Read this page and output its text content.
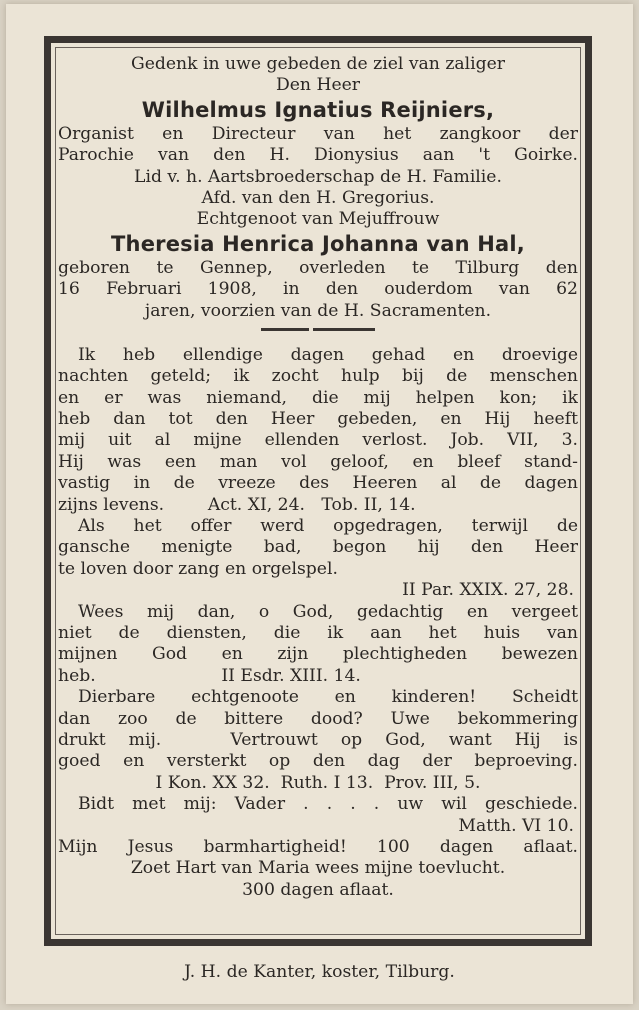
Gedenk in uwe gebeden de ziel van zaliger
Den Heer
Wilhelmus Ignatius Reijniers,
Organist en Directeur van het zangkoor der
Parochie van den H. Dionysius aan 't Goirke.
Lid v. h. Aartsbroederschap de H. Familie.
Afd. van den H. Gregorius.
Echtgenoot van Mejuffrouw
Theresia Henrica Johanna van Hal,
geboren te Gennep, overleden te Tilburg den
16 Februari 1908, in den ouderdom van 62
jaren, voorzien van de H. Sacramenten.
Ik heb ellendige dagen gehad en droevige
nachten geteld; ik zocht hulp bij de menschen
en er was niemand, die mij helpen kon; ik
heb dan tot den Heer gebeden, en Hij heeft
mij uit al mijne ellenden verlost. Job. VII, 3.
Hij was een man vol geloof, en bleef stand-
vastig in de vreeze des Heeren al de dagen
zijns levens.        Act. XI, 24.   Tob. II, 14.
Als het offer werd opgedragen, terwijl de
gansche menigte bad, begon hij den Heer
te loven door zang en orgelspel.
II Par. XXIX. 27, 28.
Wees mij dan, o God, gedachtig en vergeet
niet de diensten, die ik aan het huis van
mijnen God en zijn plechtigheden bewezen
heb.                       II Esdr. XIII. 14.
Dierbare echtgenoote en kinderen! Scheidt
dan zoo de bittere dood? Uwe bekommering
drukt mij.   Vertrouwt op God, want Hij is
goed en versterkt op den dag der beproeving.
I Kon. XX 32.  Ruth. I 13.  Prov. III, 5.
Bidt met mij: Vader . . . . uw wil geschiede.
Matth. VI 10.
Mijn Jesus barmhartigheid! 100 dagen aflaat.
Zoet Hart van Maria wees mijne toevlucht.
300 dagen aflaat.
J. H. de Kanter, koster, Tilburg.
